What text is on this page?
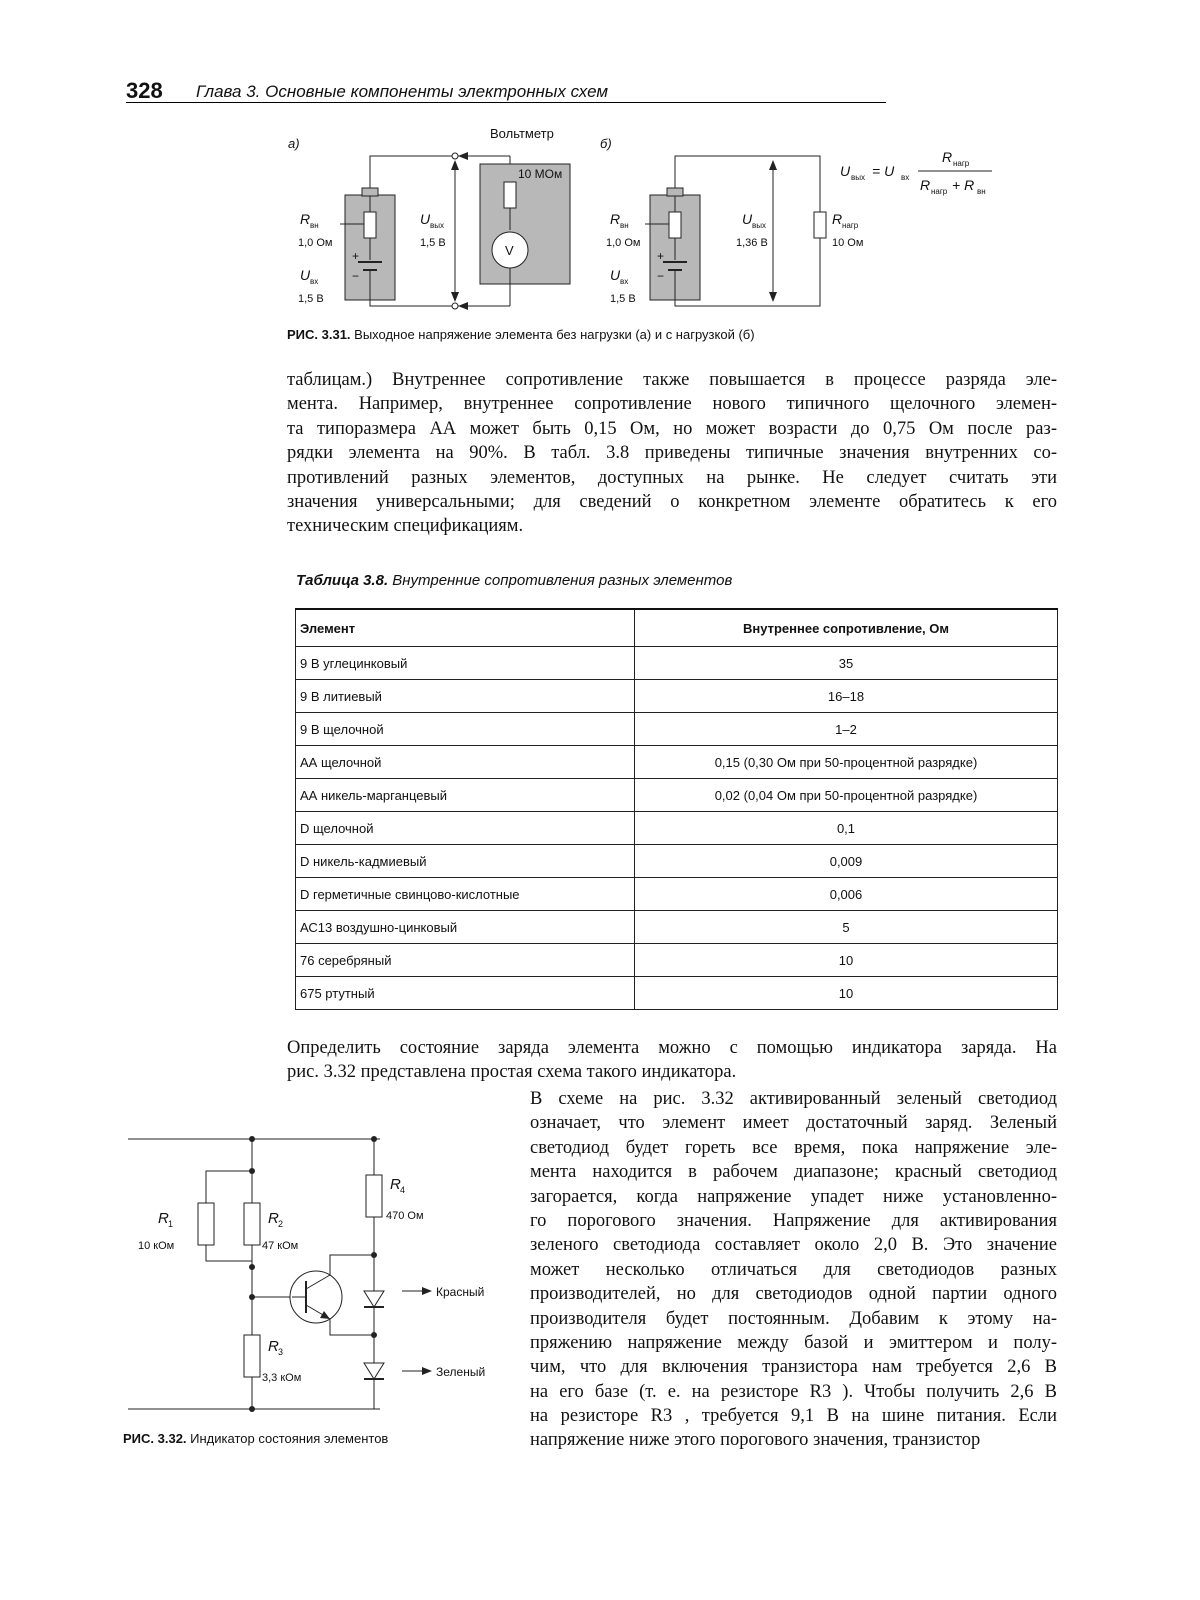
328 Глава 3. Основные компоненты электронных схем
а)
Вольтметр
б)
+
−
R вн
1,0 Ом
U вх
1,5 В
U вых
1,5 В
10 МОм
V	+
−
R вн
1,0 Ом
U вх
1,5 В
U вых
1,36 В
R нагр
10 Ом
U вых = U вх
R нагр
R нагр + R вн
РИС. 3.31. Выходное напряжение элемента без нагрузки (а) и с нагрузкой (б)
таблицам.) Внутреннее сопротивление также повышается в процессе разряда эле-
мента. Например, внутреннее сопротивление нового типичного щелочного элемен-
та типоразмера АА может быть 0,15 Ом, но может возрасти до 0,75 Ом после раз-
рядки элемента на 90%. В табл. 3.8 приведены типичные значения внутренних со-
противлений разных элементов, доступных на рынке. Не следует считать эти
значения универсальными; для сведений о конкретном элементе обратитесь к его
техническим спецификациям.
Таблица 3.8. Внутренние сопротивления разных элементов
Элемент	Внутреннее сопротивление, Ом
9 В углецинковый	35
9 В литиевый	16–18
9 В щелочной	1–2
АА щелочной	0,15 (0,30 Ом при 50-процентной разрядке)
АА никель-марганцевый	0,02 (0,04 Ом при 50-процентной разрядке)
D щелочной	0,1
D никель-кадмиевый	0,009
D герметичные свинцово-кислотные	0,006
АС13 воздушно-цинковый	5
76 серебряный	10
675 ртутный	10
Определить состояние заряда элемента можно с помощью индикатора заряда. На
рис. 3.32 представлена простая схема такого индикатора.
В схеме на рис. 3.32 активированный зеленый светодиод
означает, что элемент имеет достаточный заряд. Зеленый
светодиод будет гореть все время, пока напряжение эле-
мента находится в рабочем диапазоне; красный светодиод
загорается, когда напряжение упадет ниже установленно-
го порогового значения. Напряжение для активирования
зеленого светодиода составляет около 2,0 В. Это значение
может несколько отличаться для светодиодов разных
производителей, но для светодиодов одной партии одного
производителя будет постоянным. Добавим к этому на-
пряжению напряжение между базой и эмиттером и полу-
чим, что для включения транзистора нам требуется 2,6 В
на его базе (т. е. на резисторе R3 ). Чтобы получить 2,6 В
на резисторе R3 , требуется 9,1 В на шине питания. Если
напряжение ниже этого порогового значения, транзистор
R 1
10 кОм
R 2
47 кОм
R 3
3,3 кОм
R 4
470 Ом
Красный
Зеленый
РИС. 3.32. Индикатор состояния элементов
